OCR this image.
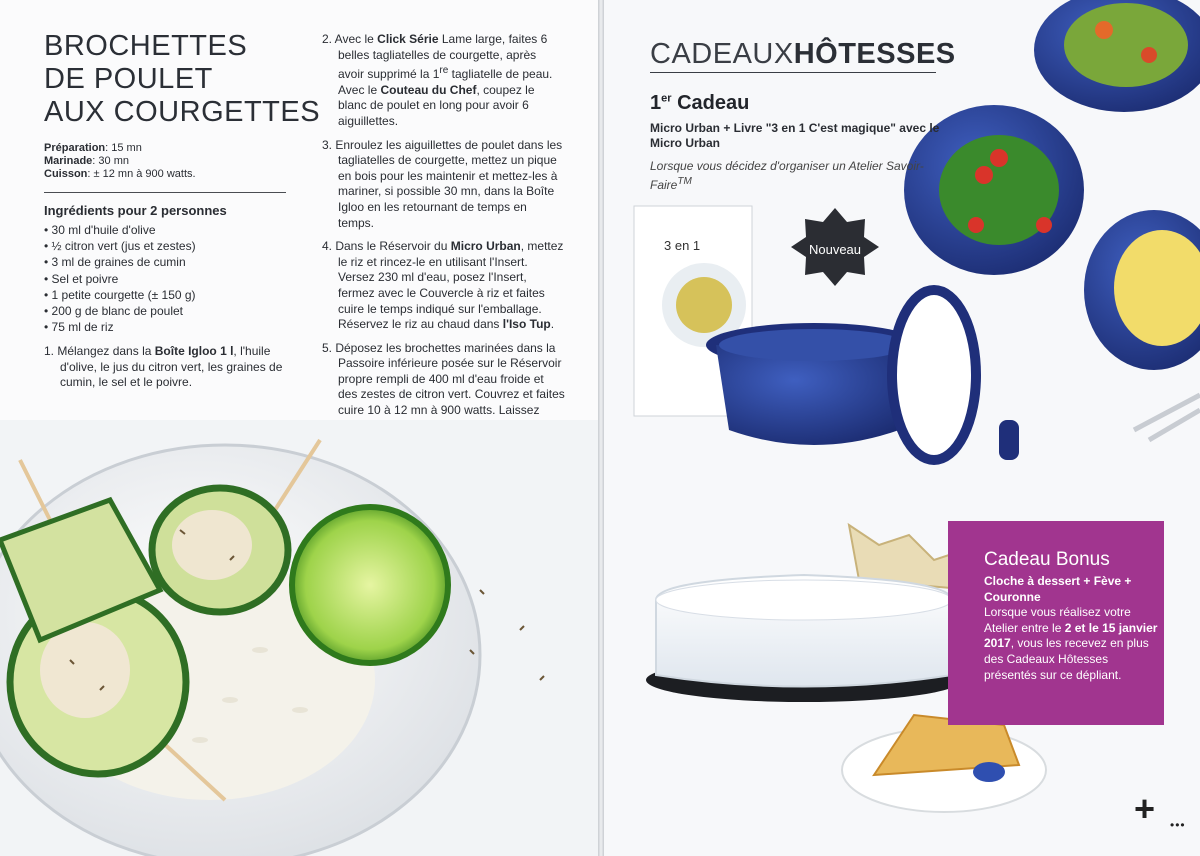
BROCHETTES
DE POULET
AUX COURGETTES
Préparation: 15 mn
Marinade: 30 mn
Cuisson: ± 12 mn à 900 watts.
Ingrédients pour 2 personnes
• 30 ml d'huile d'olive
• ½ citron vert (jus et zestes)
• 3 ml de graines de cumin
• Sel et poivre
• 1 petite courgette (± 150 g)
• 200 g de blanc de poulet
• 75 ml de riz
1. Mélangez dans la Boîte Igloo 1 l, l'huile d'olive, le jus du citron vert, les graines de cumin, le sel et le poivre.

2. Avec le Click Série Lame large, faites 6 belles tagliatelles de courgette, après avoir supprimé la 1re tagliatelle de peau. Avec le Couteau du Chef, coupez le blanc de poulet en long pour avoir 6 aiguillettes.

3. Enroulez les aiguillettes de poulet dans les tagliatelles de courgette, mettez un pique en bois pour les maintenir et mettez-les à mariner, si possible 30 mn, dans la Boîte Igloo en les retournant de temps en temps.

4. Dans le Réservoir du Micro Urban, mettez le riz et rincez-le en utilisant l'Insert. Versez 230 ml d'eau, posez l'Insert, fermez avec le Couvercle à riz et faites cuire le temps indiqué sur l'emballage. Réservez le riz au chaud dans l'Iso Tup.

5. Déposez les brochettes marinées dans la Passoire inférieure posée sur le Réservoir propre rempli de 400 ml d'eau froide et des zestes de citron vert. Couvrez et faites cuire 10 à 12 mn à 900 watts. Laissez

3 en 1
CADEAUXHÔTESSES
1er Cadeau
Micro Urban + Livre "3 en 1 C'est magique" avec le Micro Urban
Lorsque vous décidez d'organiser un Atelier Savoir-Faire™
Nouveau
Cadeau Bonus
Cloche à dessert + Fève + Couronne
Lorsque vous réalisez votre Atelier entre le 2 et le 15 janvier 2017, vous les recevez en plus des Cadeaux Hôtesses présentés sur ce dépliant.
+ •••
